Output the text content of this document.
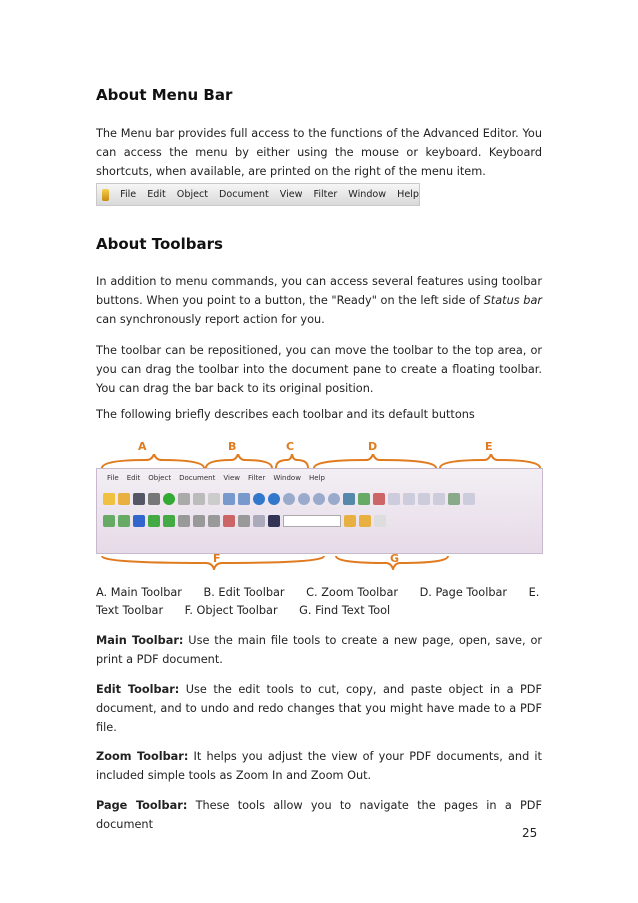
About Menu Bar

The Menu bar provides full access to the functions of the Advanced Editor. You can access the menu by either using the mouse or keyboard. Keyboard shortcuts, when available, are printed on the right of the menu item.

File Edit Object Document View Filter Window Help
About Toolbars

In addition to menu commands, you can access several features using toolbar buttons. When you point to a button, the "Ready" on the left side of Status bar can synchronously report action for you.

The toolbar can be repositioned, you can move the toolbar to the top area, or you can drag the toolbar into the document pane to create a floating toolbar. You can drag the bar back to its original position.

The following briefly describes each toolbar and its default buttons

A	B	C	D	E
File Edit Object Document View Filter Window Help
F	G
A. Main Toolbar      B. Edit Toolbar      C. Zoom Toolbar      D. Page Toolbar      E.
Text Toolbar      F. Object Toolbar      G. Find Text Tool

Main Toolbar: Use the main file tools to create a new page, open, save, or print a PDF document.

Edit Toolbar: Use the edit tools to cut, copy, and paste object in a PDF document, and to undo and redo changes that you might have made to a PDF file.

Zoom Toolbar: It helps you adjust the view of your PDF documents, and it included simple tools as Zoom In and Zoom Out.

Page Toolbar: These tools allow you to navigate the pages in a PDF document

25
